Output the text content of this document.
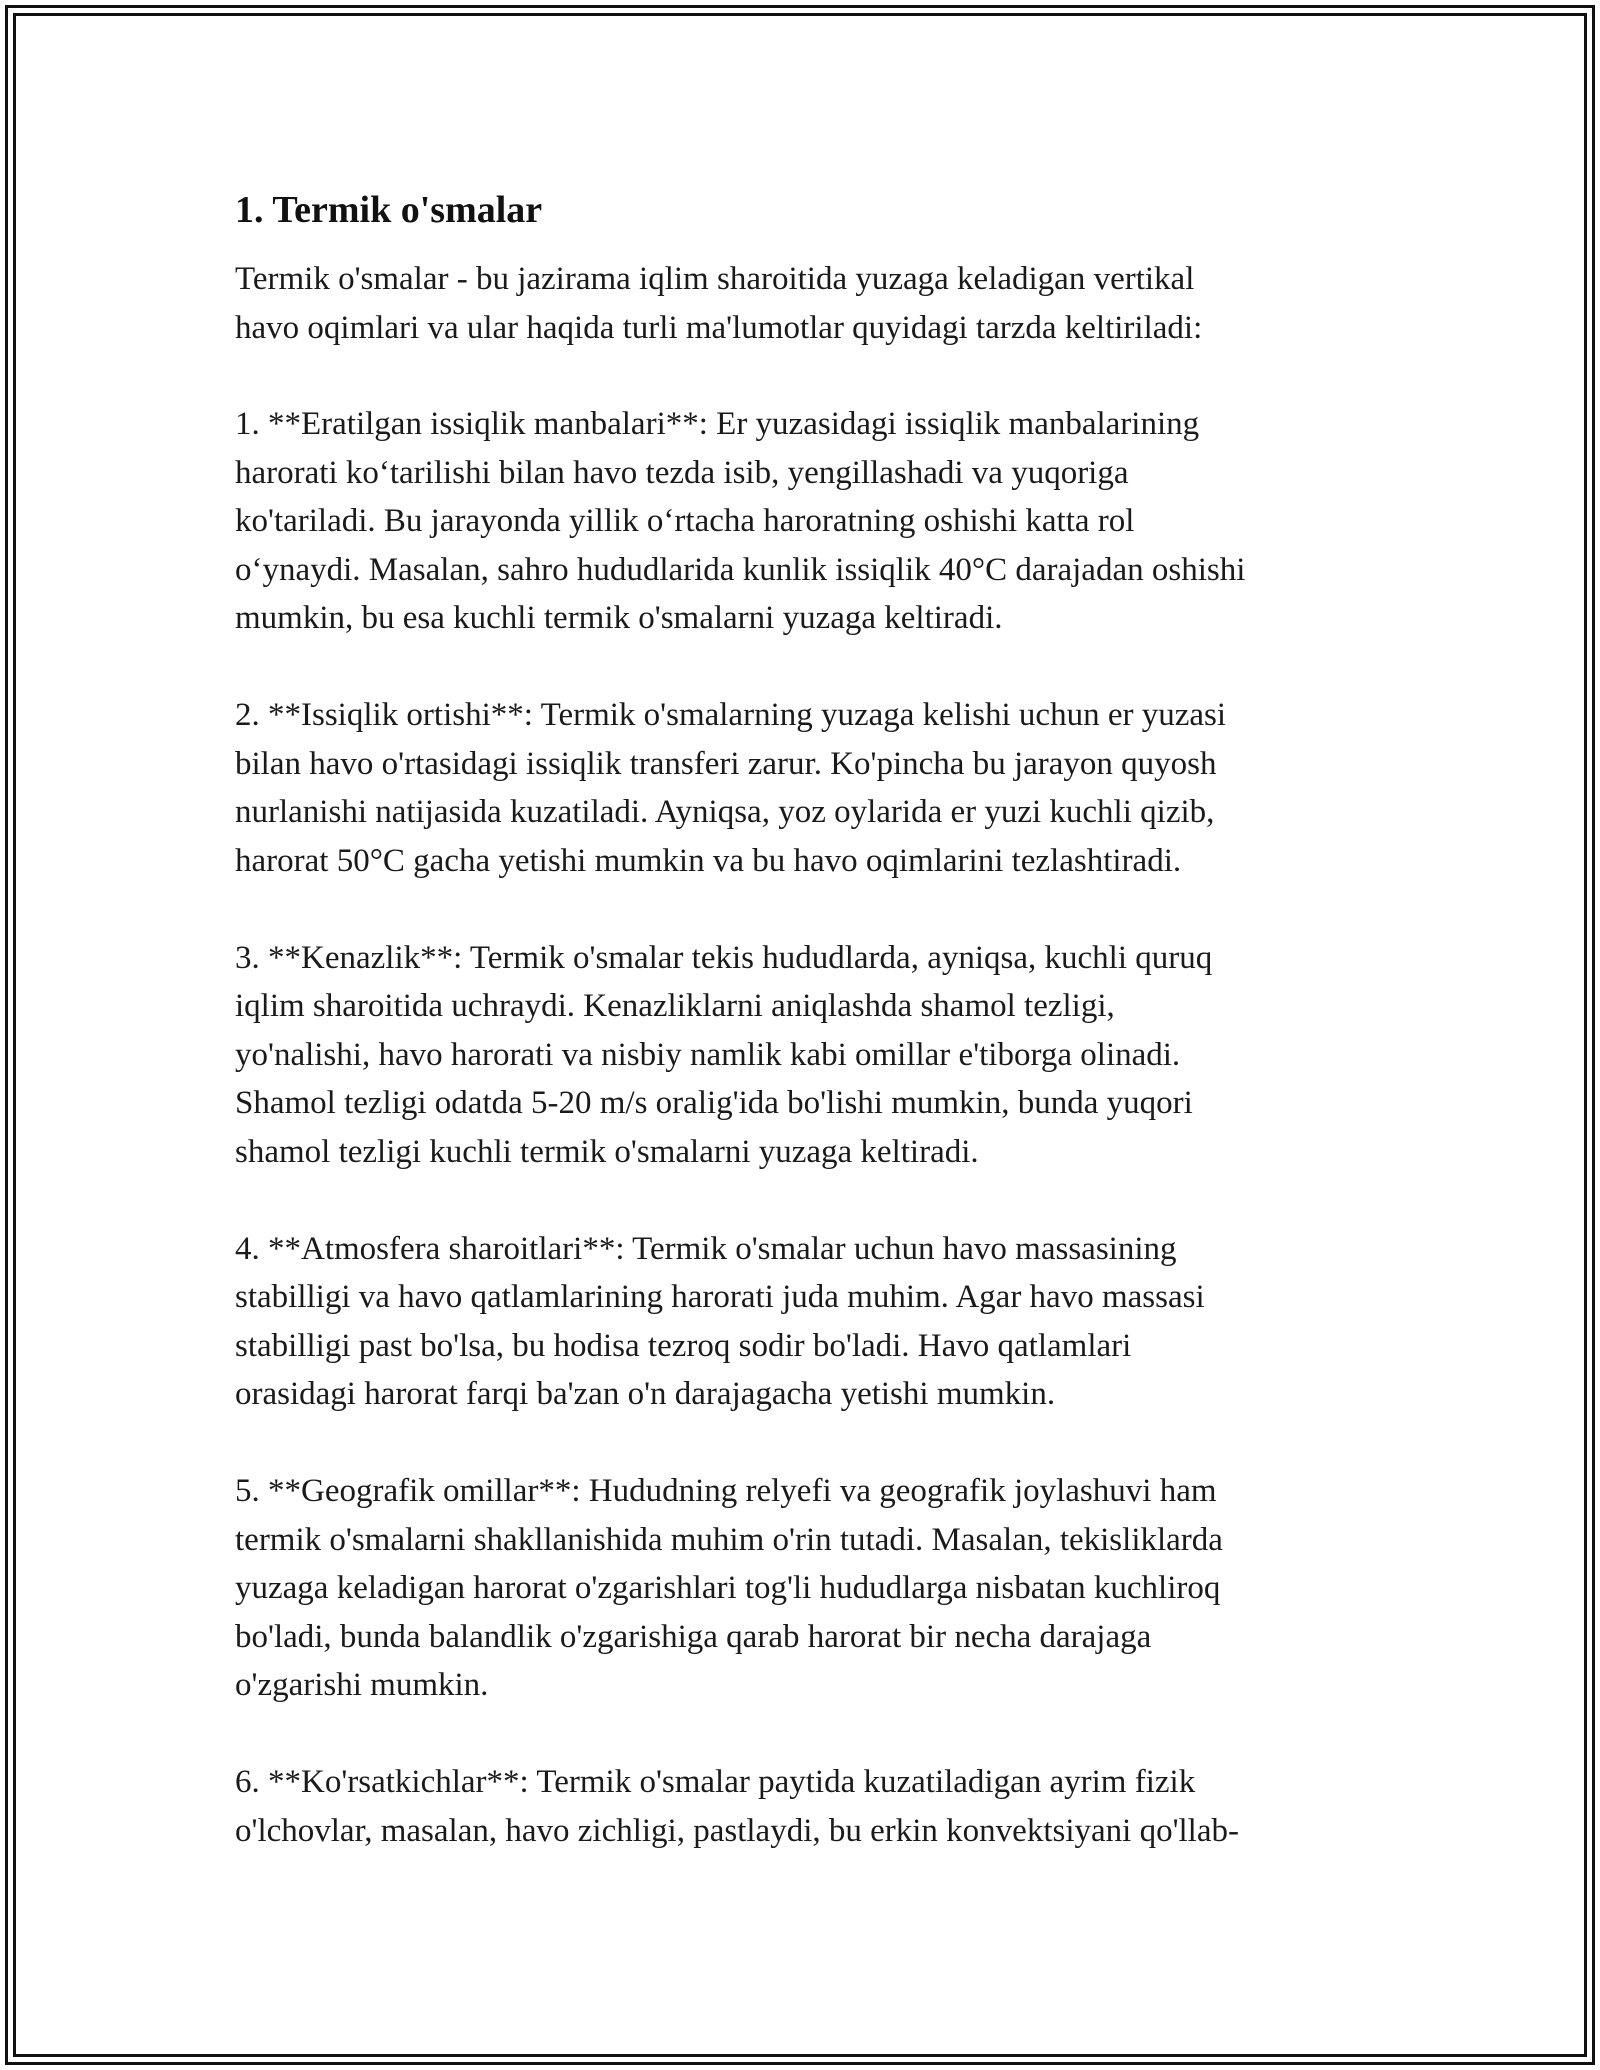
1. Termik o'smalar

Termik o'smalar - bu jazirama iqlim sharoitida yuzaga keladigan vertikal
havo oqimlari va ular haqida turli ma'lumotlar quyidagi tarzda keltiriladi:

1. **Eratilgan issiqlik manbalari**: Er yuzasidagi issiqlik manbalarining
harorati koʻtarilishi bilan havo tezda isib, yengillashadi va yuqoriga
ko'tariladi. Bu jarayonda yillik oʻrtacha haroratning oshishi katta rol
oʻynaydi. Masalan, sahro hududlarida kunlik issiqlik 40°C darajadan oshishi
mumkin, bu esa kuchli termik o'smalarni yuzaga keltiradi.

2. **Issiqlik ortishi**: Termik o'smalarning yuzaga kelishi uchun er yuzasi
bilan havo o'rtasidagi issiqlik transferi zarur. Ko'pincha bu jarayon quyosh
nurlanishi natijasida kuzatiladi. Ayniqsa, yoz oylarida er yuzi kuchli qizib,
harorat 50°C gacha yetishi mumkin va bu havo oqimlarini tezlashtiradi.

3. **Kenazlik**: Termik o'smalar tekis hududlarda, ayniqsa, kuchli quruq
iqlim sharoitida uchraydi. Kenazliklarni aniqlashda shamol tezligi,
yo'nalishi, havo harorati va nisbiy namlik kabi omillar e'tiborga olinadi.
Shamol tezligi odatda 5-20 m/s oralig'ida bo'lishi mumkin, bunda yuqori
shamol tezligi kuchli termik o'smalarni yuzaga keltiradi.

4. **Atmosfera sharoitlari**: Termik o'smalar uchun havo massasining
stabilligi va havo qatlamlarining harorati juda muhim. Agar havo massasi
stabilligi past bo'lsa, bu hodisa tezroq sodir bo'ladi. Havo qatlamlari
orasidagi harorat farqi ba'zan o'n darajagacha yetishi mumkin.

5. **Geografik omillar**: Hududning relyefi va geografik joylashuvi ham
termik o'smalarni shakllanishida muhim o'rin tutadi. Masalan, tekisliklarda
yuzaga keladigan harorat o'zgarishlari tog'li hududlarga nisbatan kuchliroq
bo'ladi, bunda balandlik o'zgarishiga qarab harorat bir necha darajaga
o'zgarishi mumkin.

6. **Ko'rsatkichlar**: Termik o'smalar paytida kuzatiladigan ayrim fizik
o'lchovlar, masalan, havo zichligi, pastlaydi, bu erkin konvektsiyani qo'llab-
